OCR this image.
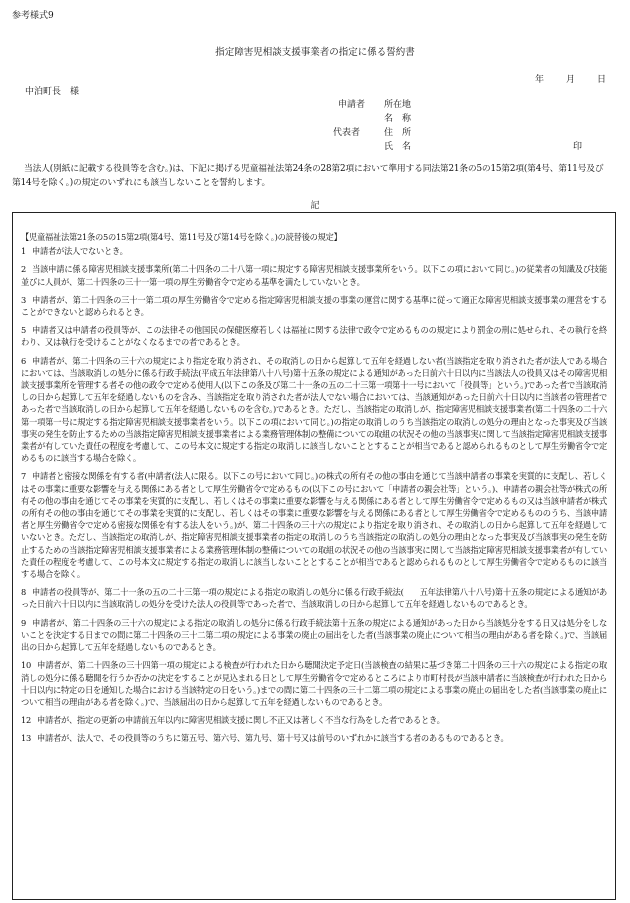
参考様式9
指定障害児相談支援事業者の指定に係る誓約書
年 月 日
中泊町長　様
申請者 所在地
名　称
代表者	住　所
氏　名	印
当法人(別紙に記載する役員等を含む。)は、下記に掲げる児童福祉法第24条の28第2項において準用する同法第21条の5の15第2項(第4号、第11号及び第14号を除く。)の規定のいずれにも該当しないことを誓約します。
記
【児童福祉法第21条の5の15第2項(第4号、第11号及び第14号を除く。)の読替後の規定】
1 申請者が法人でないとき。
2 当該申請に係る障害児相談支援事業所(第二十四条の二十八第一項に規定する障害児相談支援事業所をいう。以下この項において同じ。)の従業者の知識及び技能並びに人員が、第二十四条の三十一第一項の厚生労働省令で定める基準を満たしていないとき。
3 申請者が、第二十四条の三十一第二項の厚生労働省令で定める指定障害児相談支援の事業の運営に関する基準に従って適正な障害児相談支援事業の運営をすることができないと認められるとき。
5 申請者又は申請者の役員等が、この法律その他国民の保健医療若しくは福祉に関する法律で政令で定めるものの規定により罰金の刑に処せられ、その執行を終わり、又は執行を受けることがなくなるまでの者であるとき。
6 申請者が、第二十四条の三十六の規定により指定を取り消され、その取消しの日から起算して五年を経過しない者(当該指定を取り消された者が法人である場合においては、当該取消しの処分に係る行政手続法(平成五年法律第八十八号)第十五条の規定による通知があった日前六十日以内に当該法人の役員又はその障害児相談支援事業所を管理する者その他の政令で定める使用人(以下この条及び第二十一条の五の二十三第一項第十一号において「役員等」という。)であった者で当該取消しの日から起算して五年を経過しないものを含み、当該指定を取り消された者が法人でない場合においては、当該通知があった日前六十日以内に当該者の管理者であった者で当該取消しの日から起算して五年を経過しないものを含む。)であるとき。ただし、当該指定の取消しが、指定障害児相談支援事業者(第二十四条の二十六第一項第一号に規定する指定障害児相談支援事業者をいう。以下この項において同じ。)の指定の取消しのうち当該指定の取消しの処分の理由となった事実及び当該事実の発生を防止するための当該指定障害児相談支援事業者による業務管理体制の整備についての取組の状況その他の当該事実に関して当該指定障害児相談支援事業者が有していた責任の程度を考慮して、この号本文に規定する指定の取消しに該当しないこととすることが相当であると認められるものとして厚生労働省令で定めるものに該当する場合を除く。
7 申請者と密接な関係を有する者(申請者(法人に限る。以下この号において同じ。)の株式の所有その他の事由を通じて当該申請者の事業を実質的に支配し、若しくはその事業に重要な影響を与える関係にある者として厚生労働省令で定めるもの(以下この号において「申請者の親会社等」という。)、申請者の親会社等が株式の所有その他の事由を通じてその事業を実質的に支配し、若しくはその事業に重要な影響を与える関係にある者として厚生労働省令で定めるもの又は当該申請者が株式の所有その他の事由を通じてその事業を実質的に支配し、若しくはその事業に重要な影響を与える関係にある者として厚生労働省令で定めるもののうち、当該申請者と厚生労働省令で定める密接な関係を有する法人をいう。)が、第二十四条の三十六の規定により指定を取り消され、その取消しの日から起算して五年を経過していないとき。ただし、当該指定の取消しが、指定障害児相談支援事業者の指定の取消しのうち当該指定の取消しの処分の理由となった事実及び当該事実の発生を防止するための当該指定障害児相談支援事業者による業務管理体制の整備についての取組の状況その他の当該事実に関して当該指定障害児相談支援事業者が有していた責任の程度を考慮して、この号本文に規定する指定の取消しに該当しないこととすることが相当であると認められるものとして厚生労働省令で定めるものに該当する場合を除く。
8 申請者の役員等が、第二十一条の五の二十三第一項の規定による指定の取消しの処分に係る行政手続法(　　五年法律第八十八号)第十五条の規定による通知があった日前六十日以内に当該取消しの処分を受けた法人の役員等であった者で、当該取消しの日から起算して五年を経過しないものであるとき。
9 申請者が、第二十四条の三十六の規定による指定の取消しの処分に係る行政手続法第十五条の規定による通知があった日から当該処分をする日又は処分をしないことを決定する日までの間に第二十四条の三十二第二項の規定による事業の廃止の届出をした者(当該事業の廃止について相当の理由がある者を除く。)で、当該届出の日から起算して五年を経過しないものであるとき。
10 申請者が、第二十四条の三十四第一項の規定による検査が行われた日から聴聞決定予定日(当該検査の結果に基づき第二十四条の三十六の規定による指定の取消しの処分に係る聴聞を行うか否かの決定をすることが見込まれる日として厚生労働省令で定めるところにより市町村長が当該申請者に当該検査が行われた日から十日以内に特定の日を通知した場合における当該特定の日をいう。)までの間に第二十四条の三十二第二項の規定による事業の廃止の届出をした者(当該事業の廃止について相当の理由がある者を除く。)で、当該届出の日から起算して五年を経過しないものであるとき。
12 申請者が、指定の更新の申請前五年以内に障害児相談支援に関し不正又は著しく不当な行為をした者であるとき。
13 申請者が、法人で、その役員等のうちに第五号、第六号、第九号、第十号又は前号のいずれかに該当する者のあるものであるとき。
